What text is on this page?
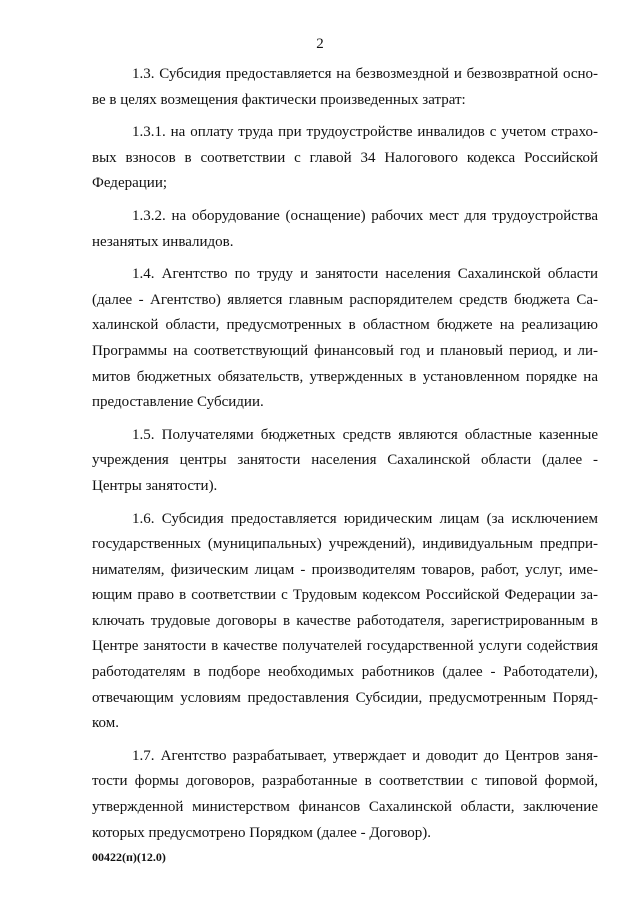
2

1.3. Субсидия предоставляется на безвозмездной и безвозвратной основе в целях возмещения фактически произведенных затрат:

1.3.1. на оплату труда при трудоустройстве инвалидов с учетом страховых взносов в соответствии с главой 34 Налогового кодекса Российской Федерации;

1.3.2. на оборудование (оснащение) рабочих мест для трудоустройства незанятых инвалидов.

1.4. Агентство по труду и занятости населения Сахалинской области (далее - Агентство) является главным распорядителем средств бюджета Сахалинской области, предусмотренных в областном бюджете на реализацию Программы на соответствующий финансовый год и плановый период, и лимитов бюджетных обязательств, утвержденных в установленном порядке на предоставление Субсидии.

1.5. Получателями бюджетных средств являются областные казенные учреждения центры занятости населения Сахалинской области (далее - Центры занятости).

1.6. Субсидия предоставляется юридическим лицам (за исключением государственных (муниципальных) учреждений), индивидуальным предпринимателям, физическим лицам - производителям товаров, работ, услуг, имеющим право в соответствии с Трудовым кодексом Российской Федерации заключать трудовые договоры в качестве работодателя, зарегистрированным в Центре занятости в качестве получателей государственной услуги содействия работодателям в подборе необходимых работников (далее - Работодатели), отвечающим условиям предоставления Субсидии, предусмотренным Порядком.

1.7. Агентство разрабатывает, утверждает и доводит до Центров занятости формы договоров, разработанные в соответствии с типовой формой, утвержденной министерством финансов Сахалинской области, заключение которых предусмотрено Порядком (далее - Договор).

00422(п)(12.0)
